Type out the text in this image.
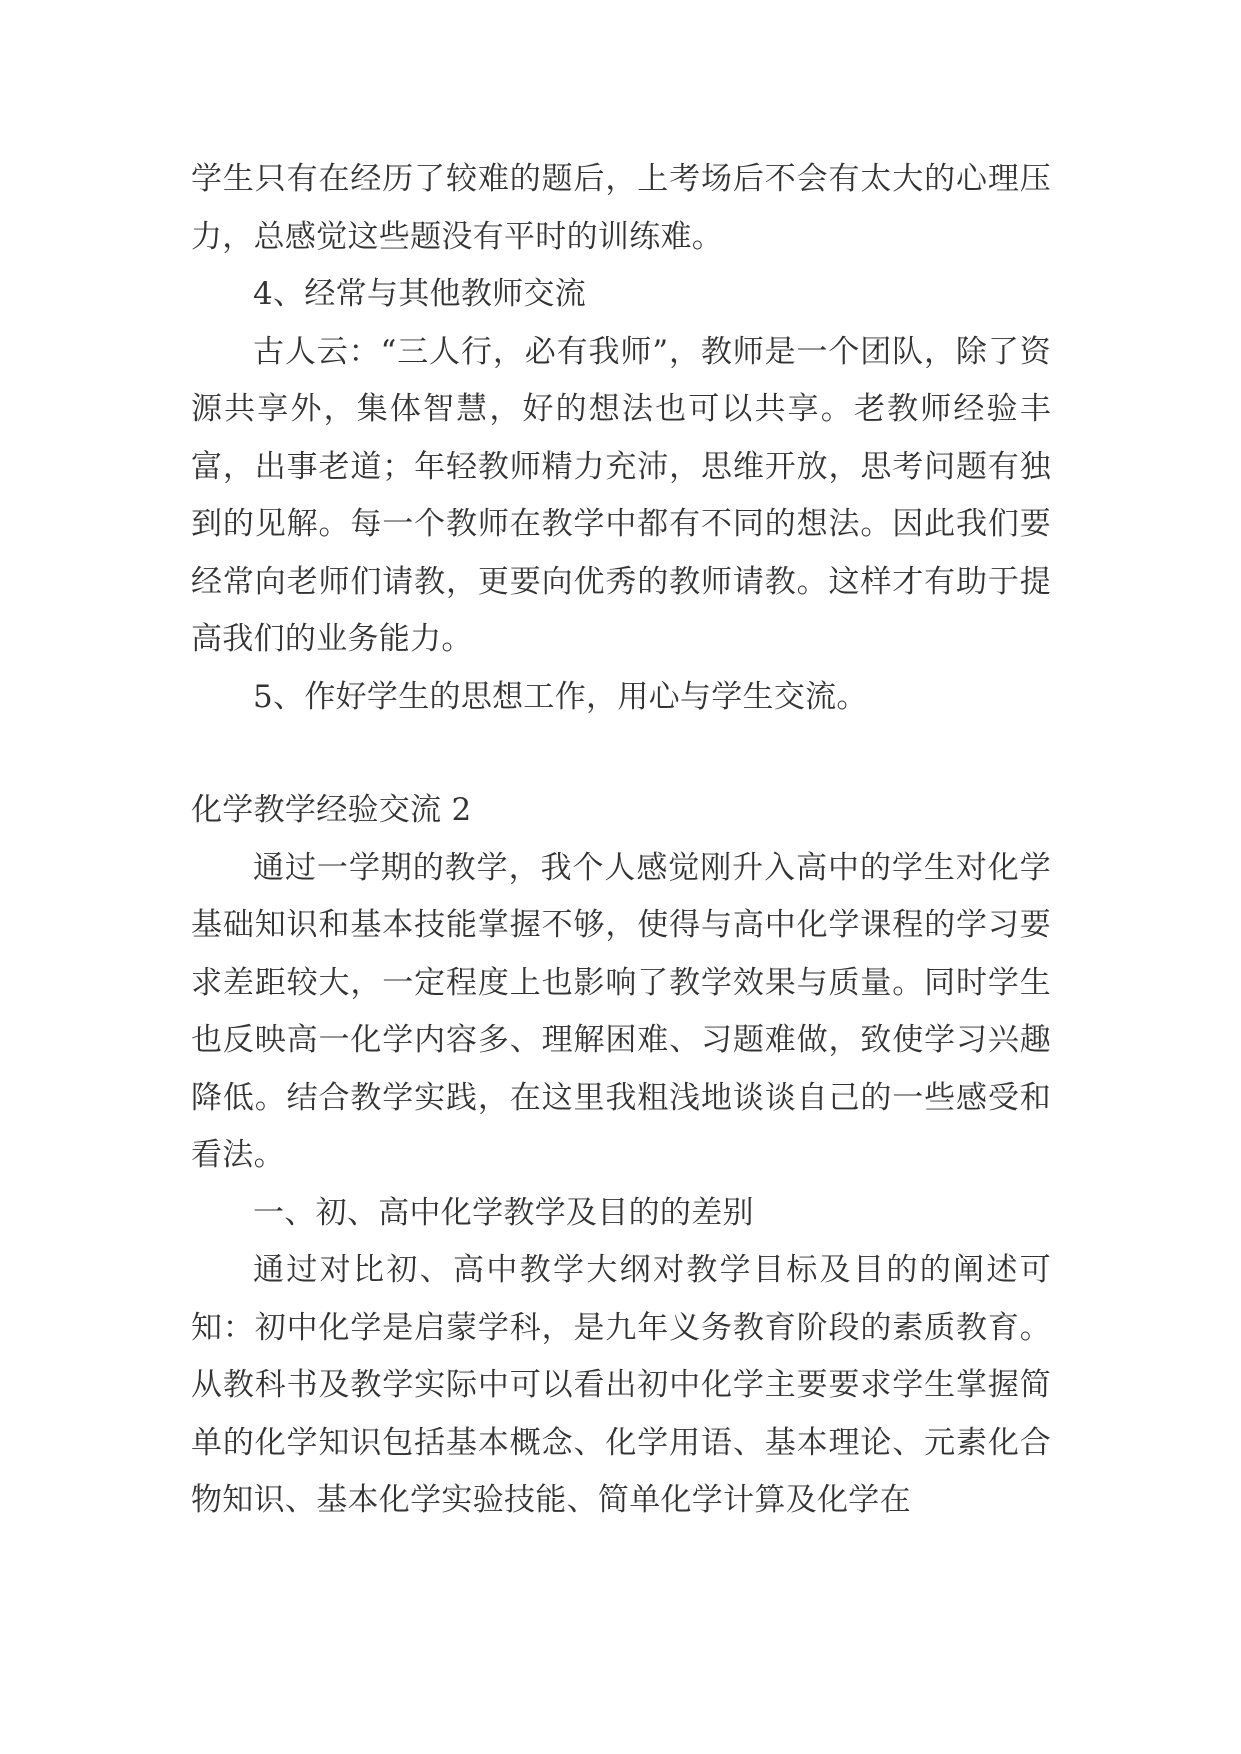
学生只有在经历了较难的题后，上考场后不会有太大的心理压力，总感觉这些题没有平时的训练难。

4、经常与其他教师交流

古人云：“三人行，必有我师”，教师是一个团队，除了资源共享外，集体智慧，好的想法也可以共享。老教师经验丰富，出事老道；年轻教师精力充沛，思维开放，思考问题有独到的见解。每一个教师在教学中都有不同的想法。因此我们要经常向老师们请教，更要向优秀的教师请教。这样才有助于提高我们的业务能力。

5、作好学生的思想工作，用心与学生交流。

化学教学经验交流 2

通过一学期的教学，我个人感觉刚升入高中的学生对化学基础知识和基本技能掌握不够，使得与高中化学课程的学习要求差距较大，一定程度上也影响了教学效果与质量。同时学生也反映高一化学内容多、理解困难、习题难做，致使学习兴趣降低。结合教学实践，在这里我粗浅地谈谈自己的一些感受和看法。

一、初、高中化学教学及目的的差别

通过对比初、高中教学大纲对教学目标及目的的阐述可知：初中化学是启蒙学科，是九年义务教育阶段的素质教育。从教科书及教学实际中可以看出初中化学主要要求学生掌握简单的化学知识包括基本概念、化学用语、基本理论、元素化合物知识、基本化学实验技能、简单化学计算及化学在
